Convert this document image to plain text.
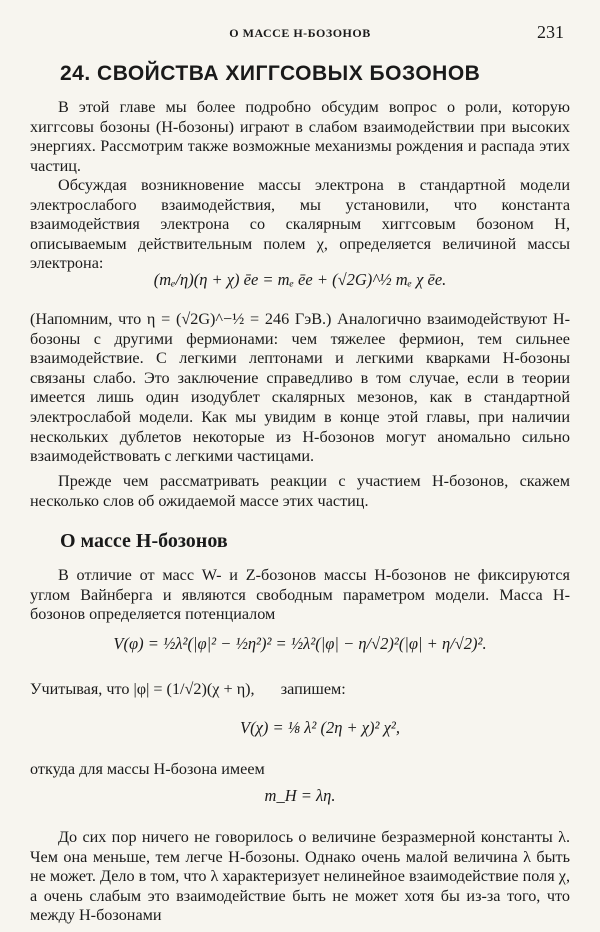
О МАССЕ H-БОЗОНОВ	231
24. СВОЙСТВА ХИГГСОВЫХ БОЗОНОВ
В этой главе мы более подробно обсудим вопрос о роли, которую хиггсовы бозоны (H-бозоны) играют в слабом взаимодействии при высоких энергиях. Рассмотрим также возможные механизмы рождения и распада этих частиц.
Обсуждая возникновение массы электрона в стандартной модели электрослабого взаимодействия, мы установили, что константа взаимодействия электрона со скалярным хиггсовым бозоном H, описываемым действительным полем χ, определяется величиной массы электрона:
(mₑ/η)(η + χ) ēe = mₑ ēe + (√2G)^½ mₑ χ ēe.
(Напомним, что η = (√2G)^−½ = 246 ГэВ.) Аналогично взаимодействуют H-бозоны с другими фермионами: чем тяжелее фермион, тем сильнее взаимодействие. С легкими лептонами и легкими кварками H-бозоны связаны слабо. Это заключение справедливо в том случае, если в теории имеется лишь один изодублет скалярных мезонов, как в стандартной электрослабой модели. Как мы увидим в конце этой главы, при наличии нескольких дублетов некоторые из H-бозонов могут аномально сильно взаимодействовать с легкими частицами.
Прежде чем рассматривать реакции с участием H-бозонов, скажем несколько слов об ожидаемой массе этих частиц.
О массе H-бозонов
В отличие от масс W- и Z-бозонов массы H-бозонов не фиксируются углом Вайнберга и являются свободным параметром модели. Масса H-бозонов определяется потенциалом
V(φ) = ½λ²(|φ|² − ½η²)² = ½λ²(|φ| − η/√2)²(|φ| + η/√2)².
Учитывая, что |φ| = (1/√2)(χ + η), запишем:
V(χ) = ⅛ λ² (2η + χ)² χ²,
откуда для массы H-бозона имеем
m_H = λη.
До сих пор ничего не говорилось о величине безразмерной константы λ. Чем она меньше, тем легче H-бозоны. Однако очень малой величина λ быть не может. Дело в том, что λ характеризует нелинейное взаимодействие поля χ, а очень слабым это взаимодействие быть не может хотя бы из-за того, что между H-бозонами
